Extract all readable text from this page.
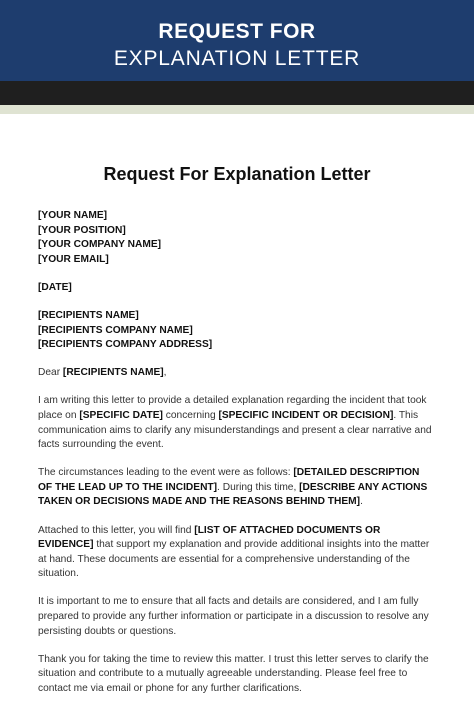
REQUEST FOR
EXPLANATION LETTER
Request For Explanation Letter

[YOUR NAME]

[YOUR POSITION]

[YOUR COMPANY NAME]

[YOUR EMAIL]

[DATE]

[RECIPIENTS NAME]

[RECIPIENTS COMPANY NAME]

[RECIPIENTS COMPANY ADDRESS]

Dear [RECIPIENTS NAME],

I am writing this letter to provide a detailed explanation regarding the incident that took place on [SPECIFIC DATE] concerning [SPECIFIC INCIDENT OR DECISION]. This communication aims to clarify any misunderstandings and present a clear narrative and facts surrounding the event.

The circumstances leading to the event were as follows: [DETAILED DESCRIPTION OF THE LEAD UP TO THE INCIDENT]. During this time, [DESCRIBE ANY ACTIONS TAKEN OR DECISIONS MADE AND THE REASONS BEHIND THEM].

Attached to this letter, you will find [LIST OF ATTACHED DOCUMENTS OR EVIDENCE] that support my explanation and provide additional insights into the matter at hand. These documents are essential for a comprehensive understanding of the situation.

It is important to me to ensure that all facts and details are considered, and I am fully prepared to provide any further information or participate in a discussion to resolve any persisting doubts or questions.

Thank you for taking the time to review this matter. I trust this letter serves to clarify the situation and contribute to a mutually agreeable understanding. Please feel free to contact me via email or phone for any further clarifications.
